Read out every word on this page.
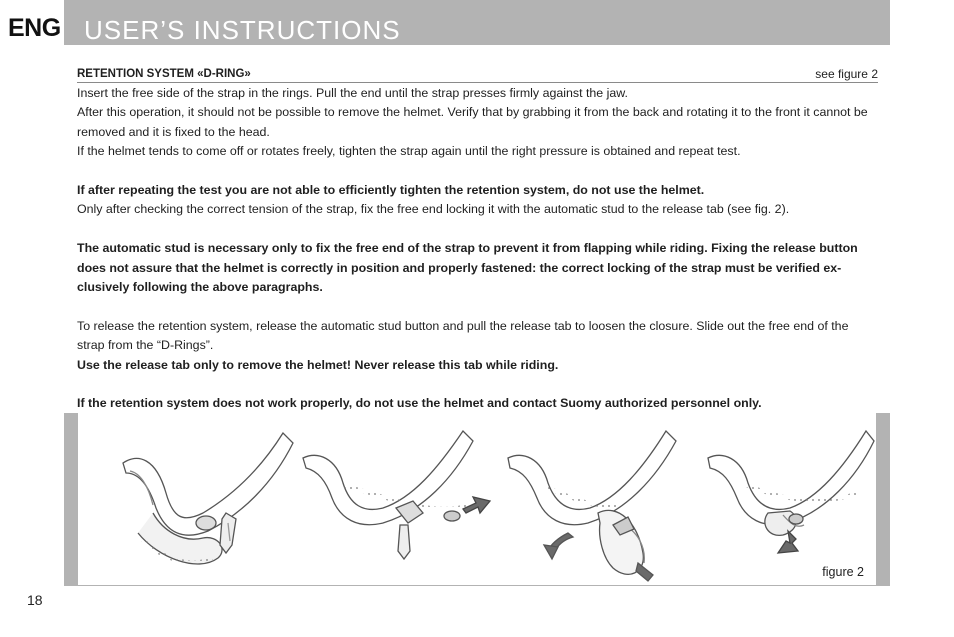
ENG USER’S INSTRUCTIONS
RETENTION SYSTEM «D-RING»	see figure 2

Insert the free side of the strap in the rings. Pull the end until the strap presses firmly against the jaw.

After this operation, it should not be possible to remove the helmet. Verify that by grabbing it from the back and rotating it to the front it cannot be removed and it is fixed to the head.

If the helmet tends to come off or rotates freely, tighten the strap again until the right pressure is obtained and repeat test.

If after repeating the test you are not able to efficiently tighten the retention system, do not use the helmet.

Only after checking the correct tension of the strap, fix the free end locking it with the automatic stud to the release tab (see fig. 2).

The automatic stud is necessary only to fix the free end of the strap to prevent it from flapping while riding. Fixing the release button does not assure that the helmet is correctly in position and properly fastened: the correct locking of the strap must be verified ex-clusively following the above paragraphs.

To release the retention system, release the automatic stud button and pull the release tab to loosen the closure. Slide out the free end of the strap from the “D-Rings”.

Use the release tab only to remove the helmet! Never release this tab while riding.

If the retention system does not work properly, do not use the helmet and contact Suomy authorized personnel only.

figure 2
18
